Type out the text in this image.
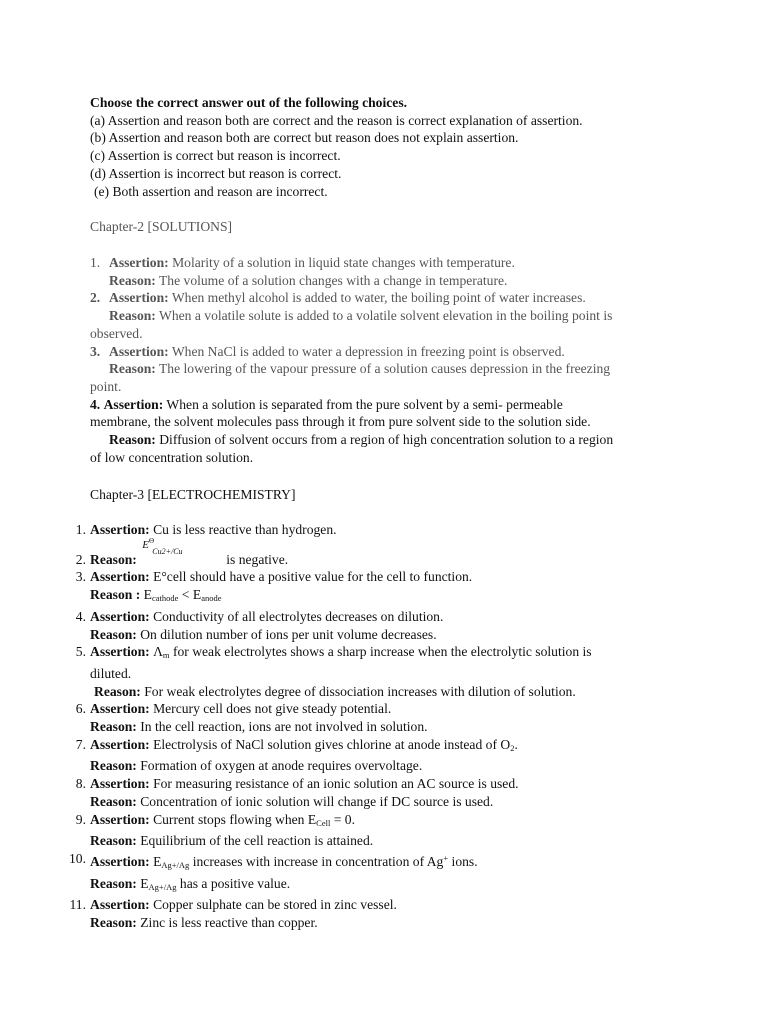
Choose the correct answer out of the following choices.
(a) Assertion and reason both are correct and the reason is correct explanation of assertion.
(b) Assertion and reason both are correct but reason does not explain assertion.
(c) Assertion is correct but reason is incorrect.
(d) Assertion is incorrect but reason is correct.
(e) Both assertion and reason are incorrect.
Chapter-2 [SOLUTIONS]
1. Assertion: Molarity of a solution in liquid state changes with temperature.
Reason: The volume of a solution changes with a change in temperature.
2. Assertion: When methyl alcohol is added to water, the boiling point of water increases.
Reason: When a volatile solute is added to a volatile solvent elevation in the boiling point is
observed.
3. Assertion: When NaCl is added to water a depression in freezing point is observed.
Reason: The lowering of the vapour pressure of a solution causes depression in the freezing
point.
4. Assertion: When a solution is separated from the pure solvent by a semi- permeable
membrane, the solvent molecules pass through it from pure solvent side to the solution side.
Reason: Diffusion of solvent occurs from a region of high concentration solution to a region
of low concentration solution.
Chapter-3 [ELECTROCHEMISTRY]
1. Assertion: Cu is less reactive than hydrogen.
2. Reason:
$E^\Theta$
Cu2+/Cu
is negative.
3. Assertion: E°cell should have a positive value for the cell to function.
Reason : $E_{cathode} < E_{anode}$
4. Assertion: Conductivity of all electrolytes decreases on dilution.
Reason: On dilution number of ions per unit volume decreases.
5. Assertion: $\Lambda_m$ for weak electrolytes shows a sharp increase when the electrolytic solution is
diluted.
Reason: For weak electrolytes degree of dissociation increases with dilution of solution.
6. Assertion: Mercury cell does not give steady potential.
Reason: In the cell reaction, ions are not involved in solution.
7. Assertion: Electrolysis of NaCl solution gives chlorine at anode instead of $O_2$.
Reason: Formation of oxygen at anode requires overvoltage.
8. Assertion: For measuring resistance of an ionic solution an AC source is used.
Reason: Concentration of ionic solution will change if DC source is used.
9. Assertion: Current stops flowing when $E_{Cell} = 0$.
Reason: Equilibrium of the cell reaction is attained.
10. Assertion: $E_{Ag+/Ag}$ increases with increase in concentration of Ag+ ions.
Reason: $E_{Ag+/Ag}$ has a positive value.
11. Assertion: Copper sulphate can be stored in zinc vessel.
Reason: Zinc is less reactive than copper.
